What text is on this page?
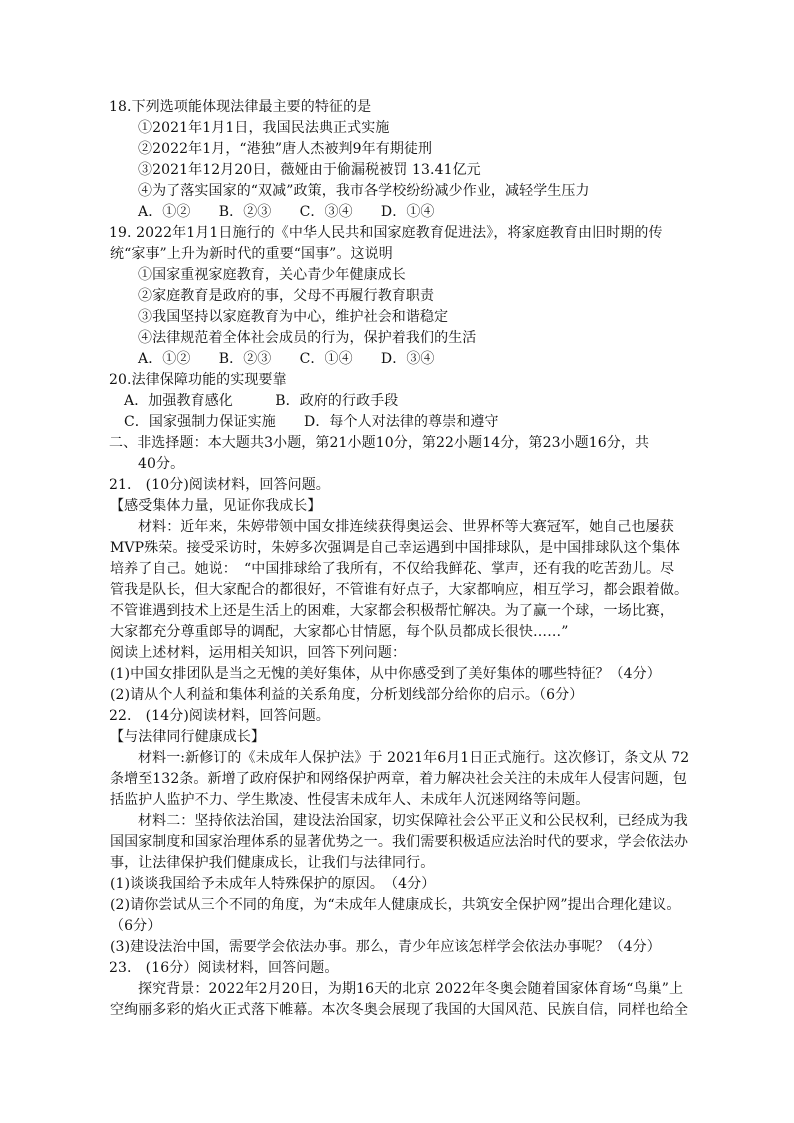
18.下列选项能体现法律最主要的特征的是
①2021年1月1日，我国民法典正式实施
②2022年1月，“港独”唐人杰被判9年有期徒刑
③2021年12月20日，薇娅由于偷漏税被罚 13.41亿元
④为了落实国家的“双减”政策，我市各学校纷纷减少作业，减轻学生压力
A．①②　　B．②③　　C．③④　　D．①④
19. 2022年1月1日施行的《中华人民共和国家庭教育促进法》，将家庭教育由旧时期的传
统“家事”上升为新时代的重要“国事”。这说明
①国家重视家庭教育，关心青少年健康成长
②家庭教育是政府的事，父母不再履行教育职责
③我国坚持以家庭教育为中心，维护社会和谐稳定
④法律规范着全体社会成员的行为，保护着我们的生活
A．①②　　B．②③　　C．①④　　D．③④
20.法律保障功能的实现要靠
A．加强教育感化　　　B．政府的行政手段
C．国家强制力保证实施　　D．每个人对法律的尊崇和遵守
二、非选择题：本大题共3小题，第21小题10分，第22小题14分，第23小题16分，共
40分。
21.　(10分)阅读材料，回答问题。
【感受集体力量，见证你我成长】
材料：近年来，朱婷带领中国女排连续获得奥运会、世界杯等大赛冠军，她自己也屡获
MVP殊荣。接受采访时，朱婷多次强调是自己幸运遇到中国排球队，是中国排球队这个集体
培养了自己。她说：　“中国排球给了我所有，不仅给我鲜花、掌声，还有我的吃苦劲儿。尽
管我是队长，但大家配合的都很好，不管谁有好点子，大家都响应，相互学习，都会跟着做。
不管谁遇到技术上还是生活上的困难，大家都会积极帮忙解决。为了赢一个球，一场比赛，
大家都充分尊重郎导的调配，大家都心甘情愿，每个队员都成长很快……”
阅读上述材料，运用相关知识，回答下列问题：
(1)中国女排团队是当之无愧的美好集体，从中你感受到了美好集体的哪些特征？（4分）
(2)请从个人利益和集体利益的关系角度，分析划线部分给你的启示。（6分）
22.　(14分)阅读材料，回答问题。
【与法律同行健康成长】
材料一:新修订的《未成年人保护法》于 2021年6月1日正式施行。这次修订，条文从 72
条增至132条。新增了政府保护和网络保护两章，着力解决社会关注的未成年人侵害问题，包
括监护人监护不力、学生欺凌、性侵害未成年人、未成年人沉迷网络等问题。
材料二：坚持依法治国，建设法治国家，切实保障社会公平正义和公民权利，已经成为我
国国家制度和国家治理体系的显著优势之一。我们需要积极适应法治时代的要求，学会依法办
事，让法律保护我们健康成长，让我们与法律同行。
(1)谈谈我国给予未成年人特殊保护的原因。　（4分）
(2)请你尝试从三个不同的角度，为“未成年人健康成长，共筑安全保护网”提出合理化建议。
（6分）
(3)建设法治中国，需要学会依法办事。那么，青少年应该怎样学会依法办事呢？（4分）
23.　(16分）阅读材料，回答问题。
探究背景：2022年2月20日，为期16天的北京 2022年冬奥会随着国家体育场“鸟巢”上
空绚丽多彩的焰火正式落下帷幕。本次冬奥会展现了我国的大国风范、民族自信，同样也给全
